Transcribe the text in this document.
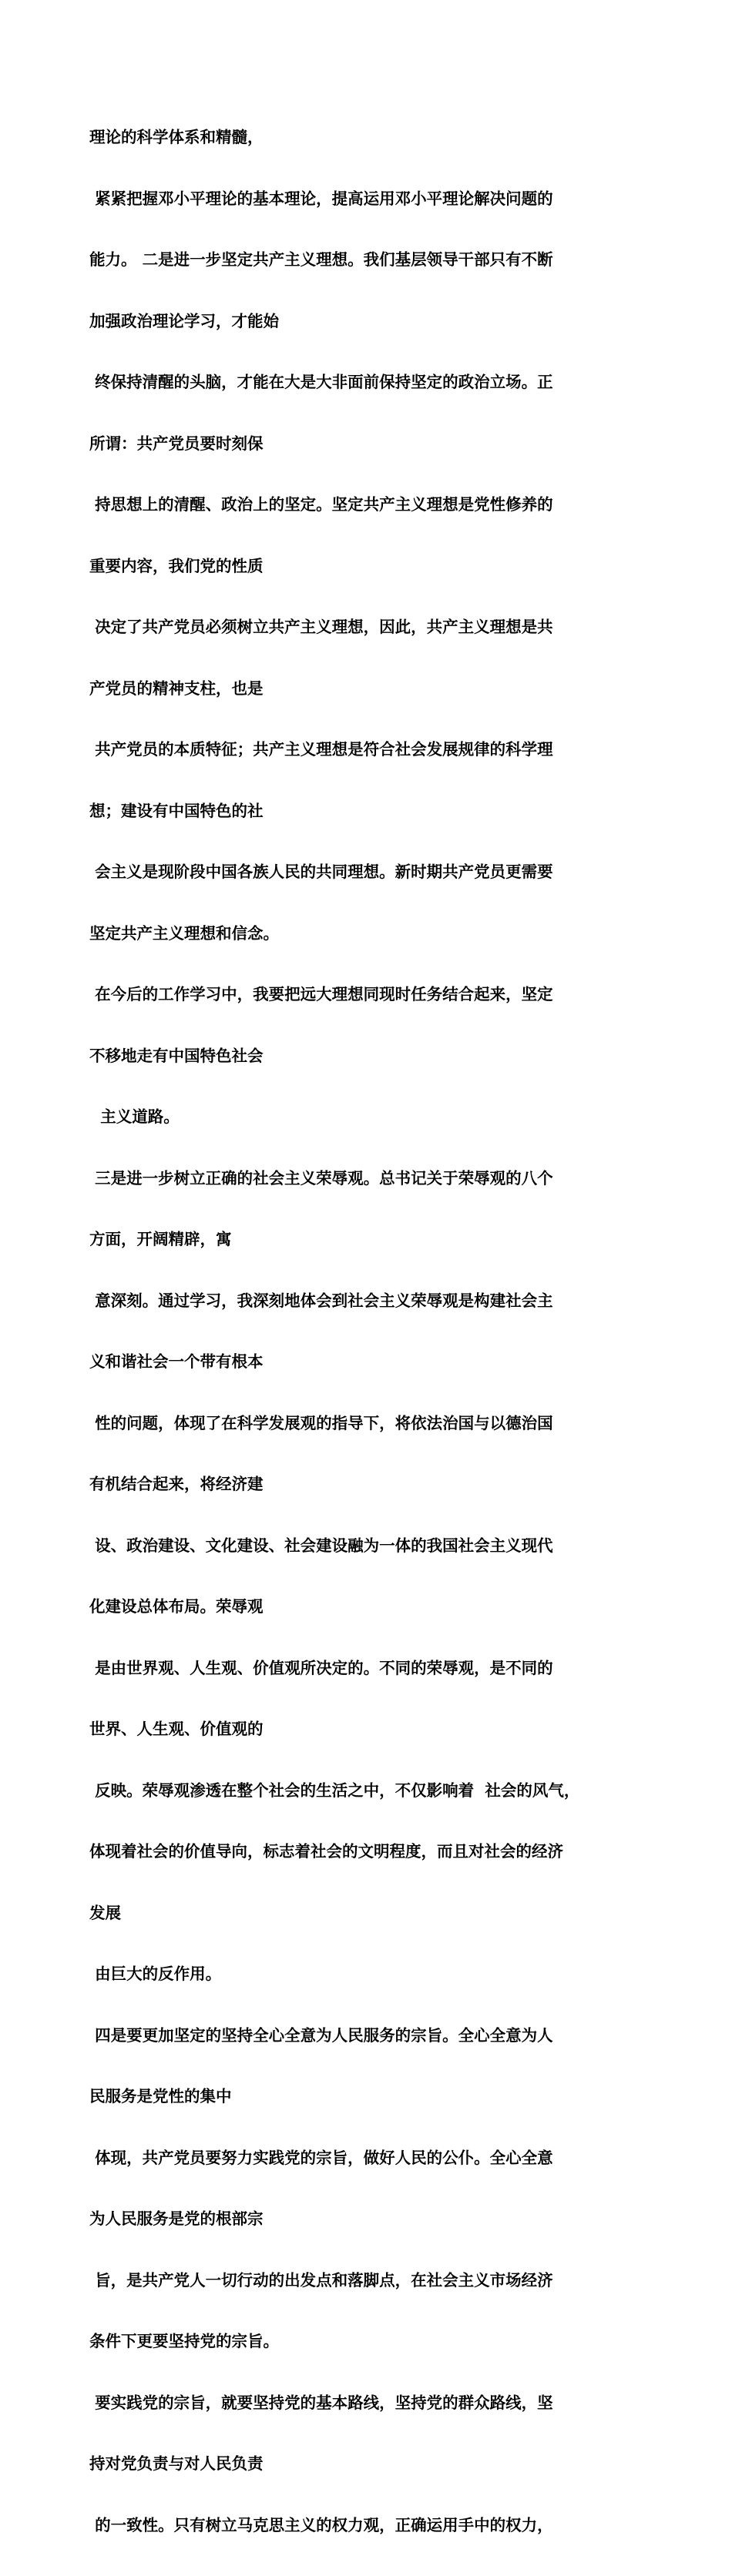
理论的科学体系和精髓，

紧紧把握邓小平理论的基本理论，提高运用邓小平理论解决问题的

能力。 二是进一步坚定共产主义理想。我们基层领导干部只有不断

加强政治理论学习，才能始

终保持清醒的头脑，才能在大是大非面前保持坚定的政治立场。正

所谓：共产党员要时刻保

持思想上的清醒、政治上的坚定。坚定共产主义理想是党性修养的

重要内容，我们党的性质

决定了共产党员必须树立共产主义理想，因此，共产主义理想是共

产党员的精神支柱，也是

共产党员的本质特征；共产主义理想是符合社会发展规律的科学理

想；建设有中国特色的社

会主义是现阶段中国各族人民的共同理想。新时期共产党员更需要

坚定共产主义理想和信念。

在今后的工作学习中，我要把远大理想同现时任务结合起来，坚定

不移地走有中国特色社会

主义道路。

三是进一步树立正确的社会主义荣辱观。总书记关于荣辱观的八个

方面，开阔精辟，寓

意深刻。通过学习，我深刻地体会到社会主义荣辱观是构建社会主

义和谐社会一个带有根本

性的问题，体现了在科学发展观的指导下，将依法治国与以德治国

有机结合起来，将经济建

设、政治建设、文化建设、社会建设融为一体的我国社会主义现代

化建设总体布局。荣辱观

是由世界观、人生观、价值观所决定的。不同的荣辱观，是不同的

世界、人生观、价值观的

反映。荣辱观渗透在整个社会的生活之中，不仅影响着  社会的风气，

体现着社会的价值导向，标志着社会的文明程度，而且对社会的经济

发展

由巨大的反作用。

四是要更加坚定的坚持全心全意为人民服务的宗旨。全心全意为人

民服务是党性的集中

体现，共产党员要努力实践党的宗旨，做好人民的公仆。全心全意

为人民服务是党的根部宗

旨，是共产党人一切行动的出发点和落脚点，在社会主义市场经济

条件下更要坚持党的宗旨。

要实践党的宗旨，就要坚持党的基本路线，坚持党的群众路线，坚

持对党负责与对人民负责

的一致性。只有树立马克思主义的权力观，正确运用手中的权力，
